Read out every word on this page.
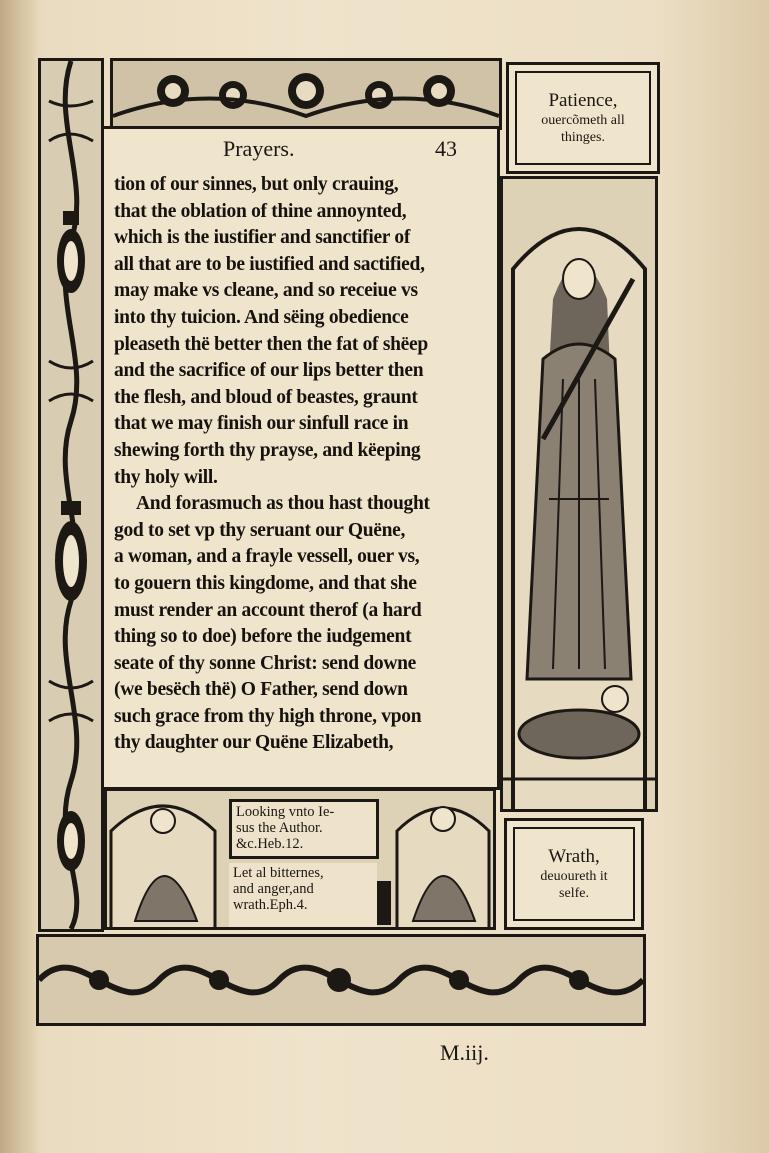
Prayers.	43
tion of our sinnes, but only crauing,
that the oblation of thine annoynted,
which is the iustifier and sanctifier of
all that are to be iustified and sactified,
may make vs cleane, and so receiue vs
into thy tuicion. And sëing obedience
pleaseth thë better then the fat of shëep
and the sacrifice of our lips better then
the flesh, and bloud of beastes, graunt
that we may finish our sinfull race in
shewing forth thy prayse, and këeping
thy holy will.
And forasmuch as thou hast thought
god to set vp thy seruant our Quëne,
a woman, and a frayle vessell, ouer vs,
to gouern this kingdome, and that she
must render an account therof (a hard
thing so to doe) before the iudgement
seate of thy sonne Christ: send downe
(we besëch thë) O Father, send down
such grace from thy high throne, vpon
thy daughter our Quëne Elizabeth,
Patience,
ouercõmeth all
thinges.
Looking vnto Ie-
sus the Author.
&c.Heb.12.
Let al bitternes,
and anger,and
wrath.Eph.4.
Wrath,
deuoureth it
selfe.
M.iij.
